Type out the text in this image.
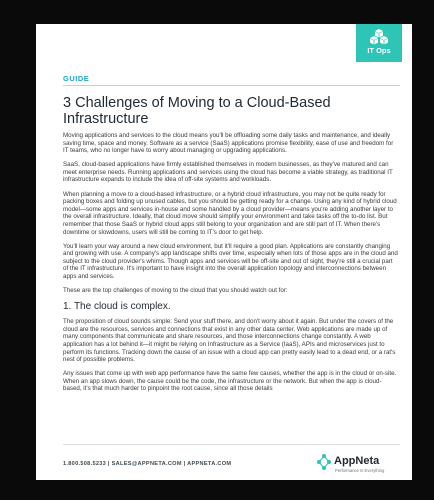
IT Ops
GUIDE
3 Challenges of Moving to a Cloud-Based Infrastructure

Moving applications and services to the cloud means you'll be offloading some daily tasks and maintenance, and ideally saving time, space and money. Software as a service (SaaS) applications promise flexibility, ease of use and freedom for IT teams, who no longer have to worry about managing or upgrading applications.

SaaS, cloud-based applications have firmly established themselves in modern businesses, as they've matured and can meet enterprise needs. Running applications and services using the cloud has become a viable strategy, as traditional IT infrastructure expands to include the idea of off-site systems and workloads.

When planning a move to a cloud-based infrastructure, or a hybrid cloud infrastructure, you may not be quite ready for packing boxes and folding up unused cables, but you should be getting ready for a change. Using any kind of hybrid cloud model—some apps and services in-house and some handled by a cloud provider—means you're adding another layer to the overall infrastructure. Ideally, that cloud move should simplify your environment and take tasks off the to-do list. But remember that those SaaS or hybrid cloud apps still belong to your organization and are still part of IT. When there's downtime or slowdowns, users will still be coming to IT's door to get help.

You'll learn your way around a new cloud environment, but it'll require a good plan. Applications are constantly changing and growing with use. A company's app landscape shifts over time, especially when lots of those apps are in the cloud and subject to the cloud provider's whims. Though apps and services will be off-site and out of sight, they're still a crucial part of the IT infrastructure. It's important to have insight into the overall application topology and interconnections between apps and services.

These are the top challenges of moving to the cloud that you should watch out for:

1. The cloud is complex.

The proposition of cloud sounds simple: Send your stuff there, and don't worry about it again. But under the covers of the cloud are the resources, services and connections that exist in any other data center. Web applications are made up of many components that communicate and share resources, and those interconnections change constantly. A web application has a lot behind it—it might be relying on Infrastructure as a Service (IaaS), APIs and microservices just to perform its functions. Tracking down the cause of an issue with a cloud app can pretty easily lead to a dead end, or a rat's nest of possible problems.

Any issues that come up with web app performance have the same few causes, whether the app is in the cloud or on-site. When an app slows down, the cause could be the code, the infrastructure or the network. But when the app is cloud-based, it's that much harder to pinpoint the root cause, since all those details

1.800.508.5233 | SALES@APPNETA.COM | APPNETA.COM	AppNeta
Performance Is Everything
